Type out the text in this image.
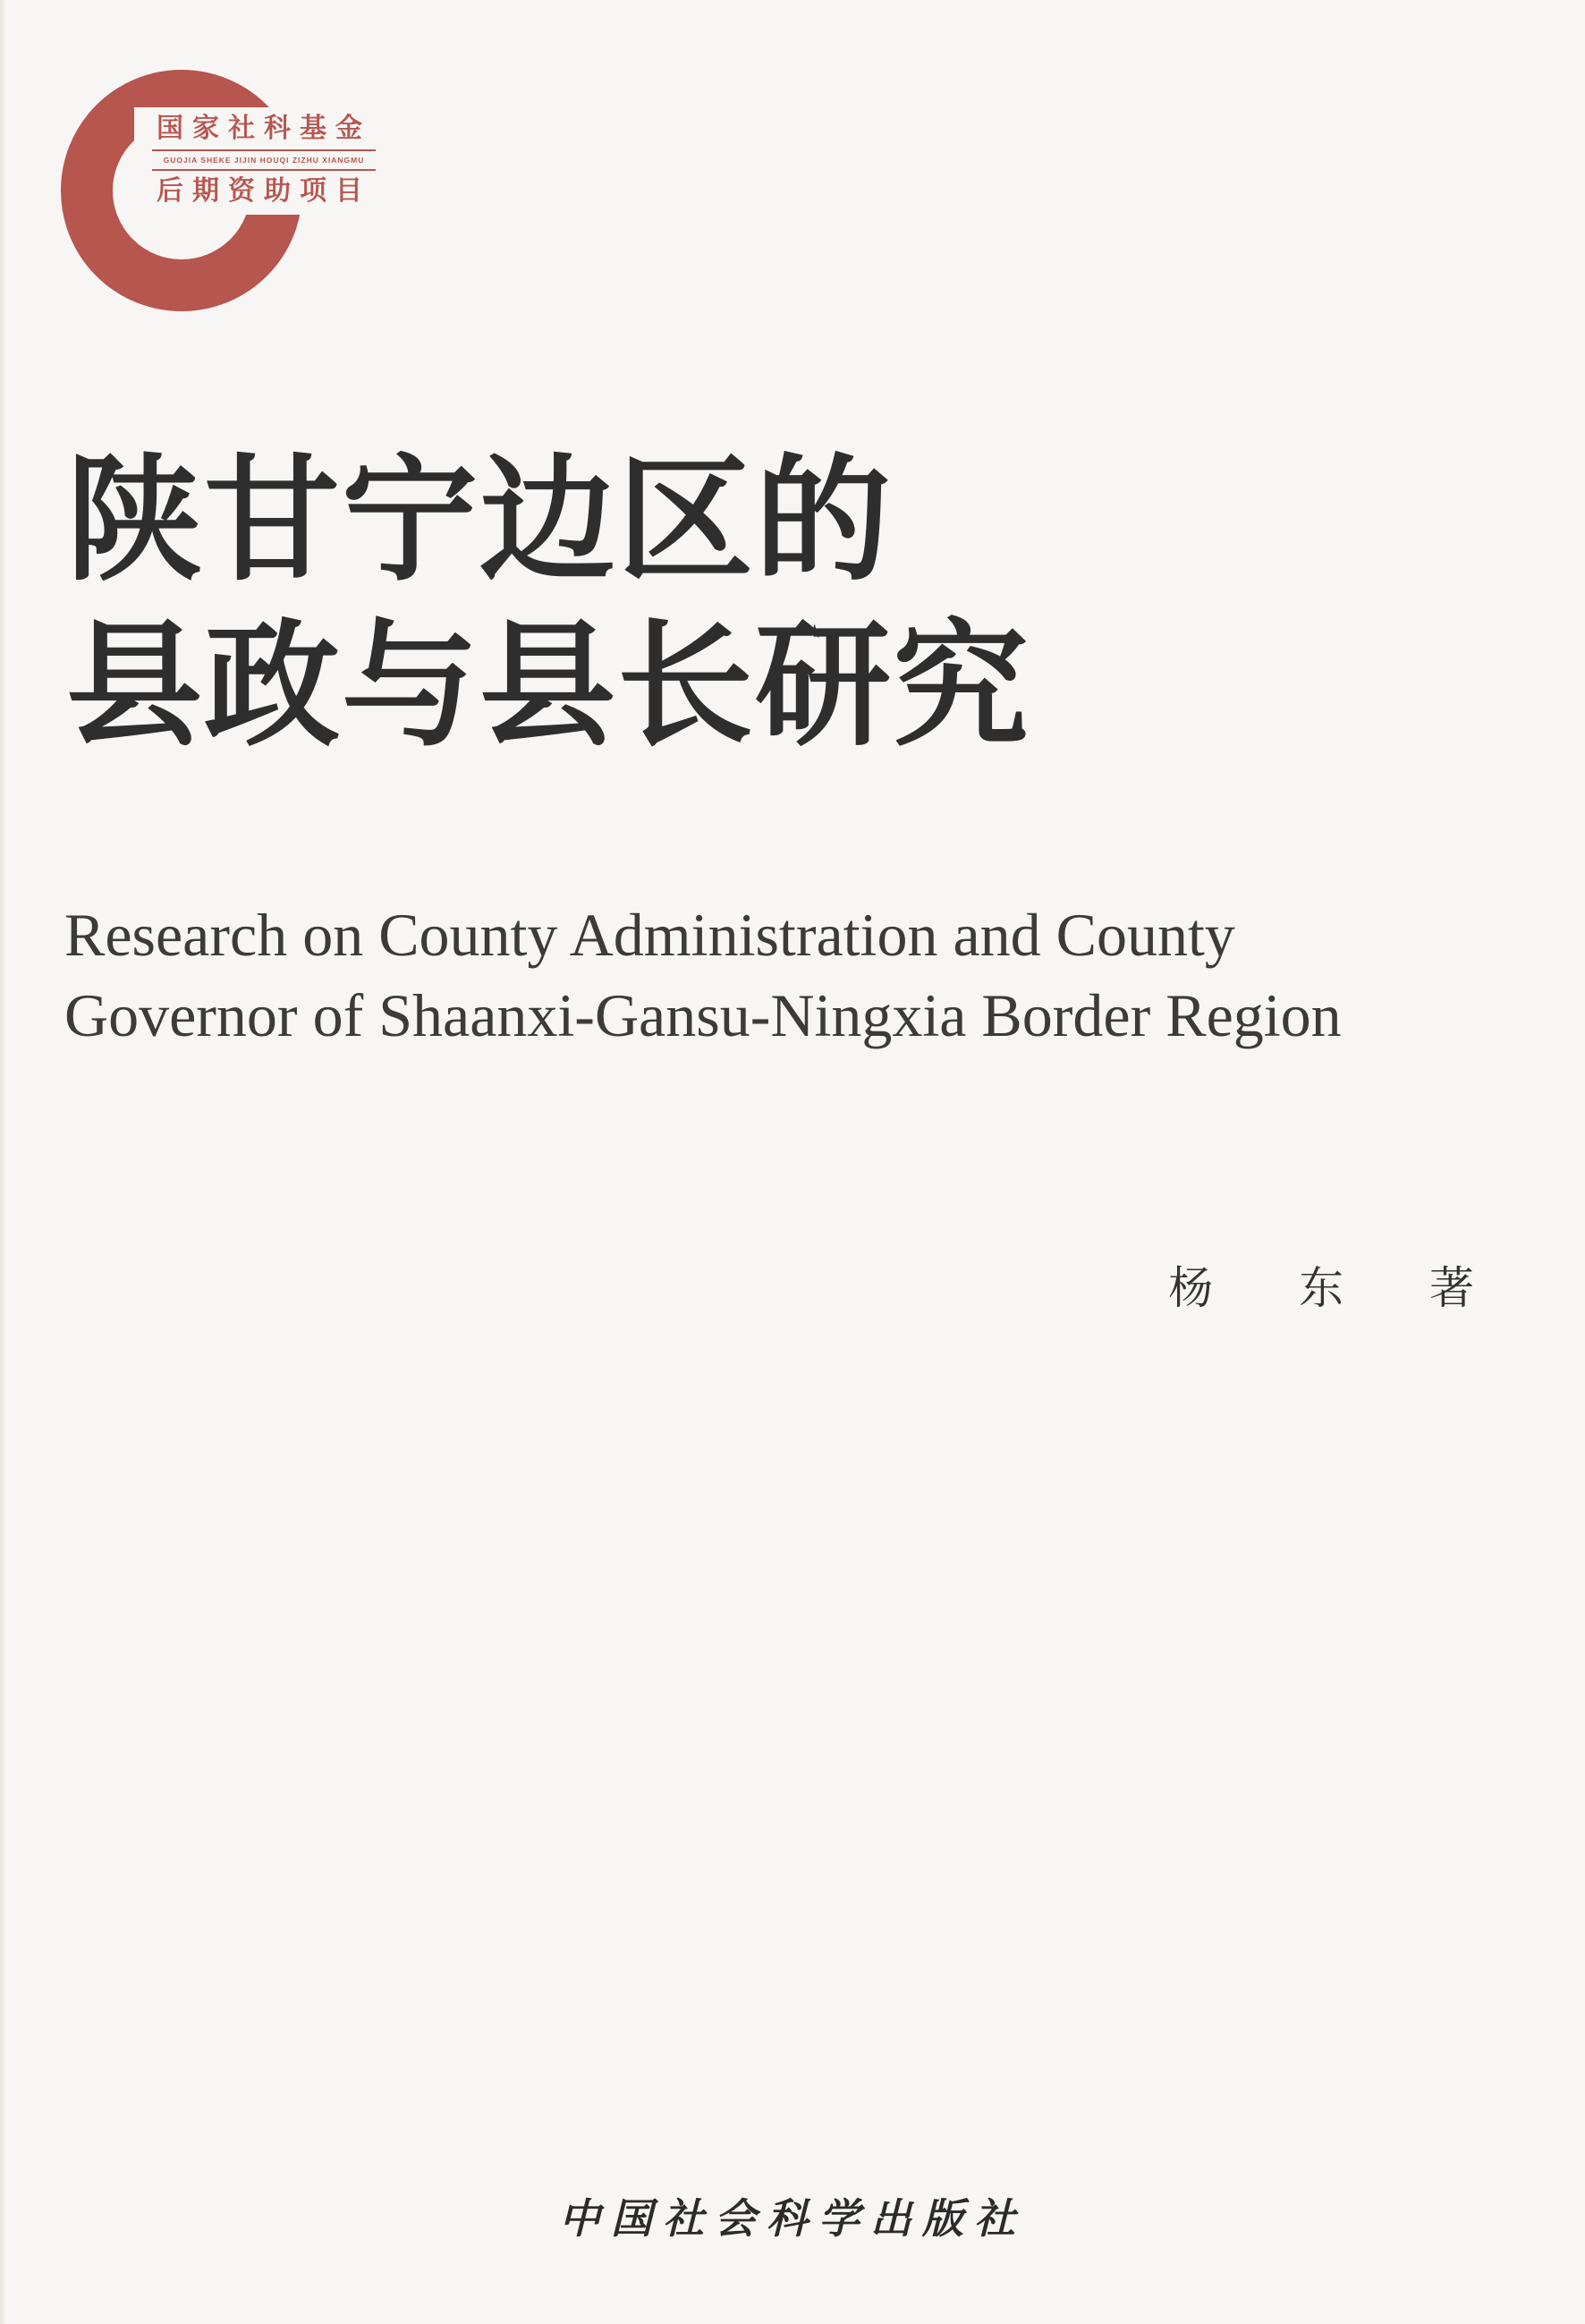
国家社科基金
GUOJIA SHEKE JIJIN HOUQI ZIZHU XIANGMU
后期资助项目
陕甘宁边区的
县政与县长研究
Research on County Administration and County
Governor of Shaanxi-Gansu-Ningxia Border Region
杨 东 著
中国社会科学出版社
